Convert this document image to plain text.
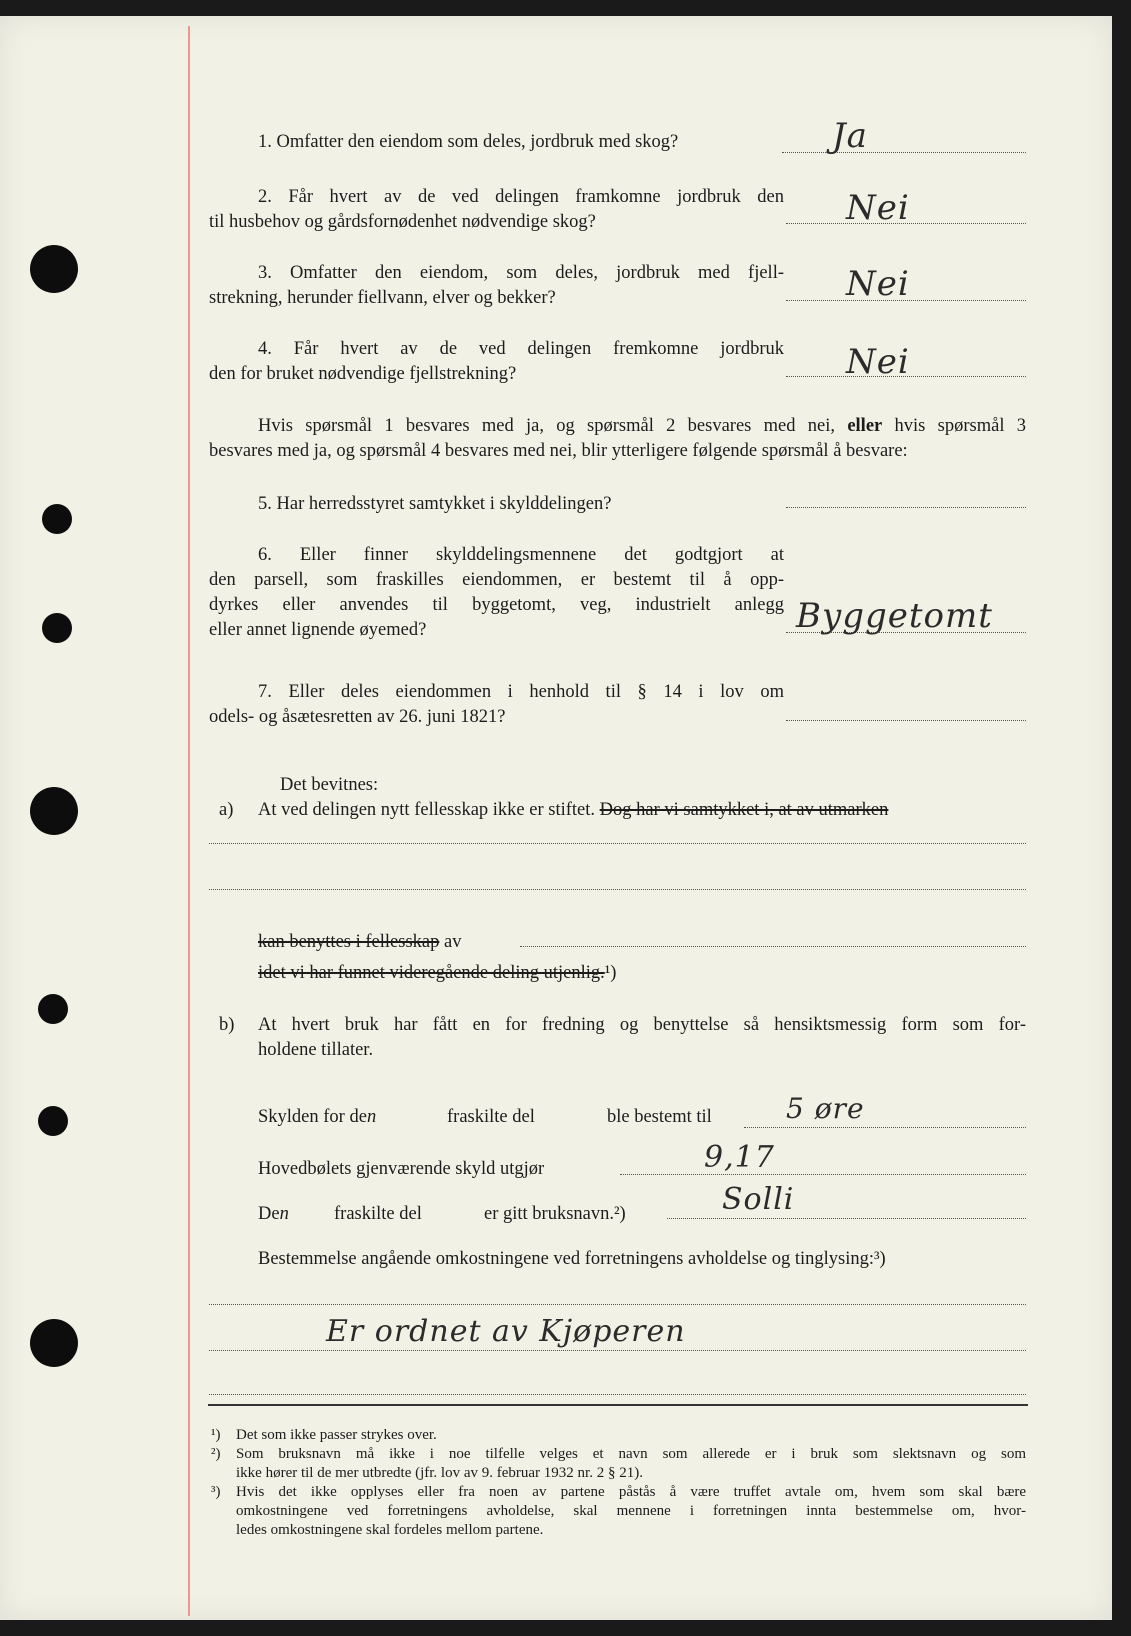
1. Omfatter den eiendom som deles, jordbruk med skog?	Ja
2. Får hvert av de ved delingen framkomne jordbruk den
til husbehov og gårdsfornødenhet nødvendige skog?	Nei
3. Omfatter den eiendom, som deles, jordbruk med fjell-
strekning, herunder fiellvann, elver og bekker?	Nei
4. Får hvert av de ved delingen fremkomne jordbruk
den for bruket nødvendige fjellstrekning?	Nei
Hvis spørsmål 1 besvares med ja, og spørsmål 2 besvares med nei, eller hvis spørsmål 3
besvares med ja, og spørsmål 4 besvares med nei, blir ytterligere følgende spørsmål å besvare:
5. Har herredsstyret samtykket i skylddelingen?
6. Eller finner skylddelingsmennene det godtgjort at
den parsell, som fraskilles eiendommen, er bestemt til å opp-
dyrkes eller anvendes til byggetomt, veg, industrielt anlegg
eller annet lignende øyemed?	Byggetomt
7. Eller deles eiendommen i henhold til § 14 i lov om
odels- og åsætesretten av 26. juni 1821?
Det bevitnes:
a) At ved delingen nytt fellesskap ikke er stiftet. Dog har vi samtykket i, at av utmarken
kan benyttes i fellesskap av
idet vi har funnet videregående deling utjenlig.¹)
b) At hvert bruk har fått en for fredning og benyttelse så hensiktsmessig form som for-
holdene tillater.
Skylden for den	fraskilte del	ble bestemt til	5 øre
Hovedbølets gjenværende skyld utgjør	9,17
Den fraskilte del	er gitt bruksnavn.²)	Solli
Bestemmelse angående omkostningene ved forretningens avholdelse og tinglysing:³)
Er ordnet av Kjøperen
¹) Det som ikke passer strykes over.
²) Som bruksnavn må ikke i noe tilfelle velges et navn som allerede er i bruk som slektsnavn og som
ikke hører til de mer utbredte (jfr. lov av 9. februar 1932 nr. 2 § 21).
³) Hvis det ikke opplyses eller fra noen av partene påstås å være truffet avtale om, hvem som skal bære
omkostningene ved forretningens avholdelse, skal mennene i forretningen innta bestemmelse om, hvor-
ledes omkostningene skal fordeles mellom partene.
